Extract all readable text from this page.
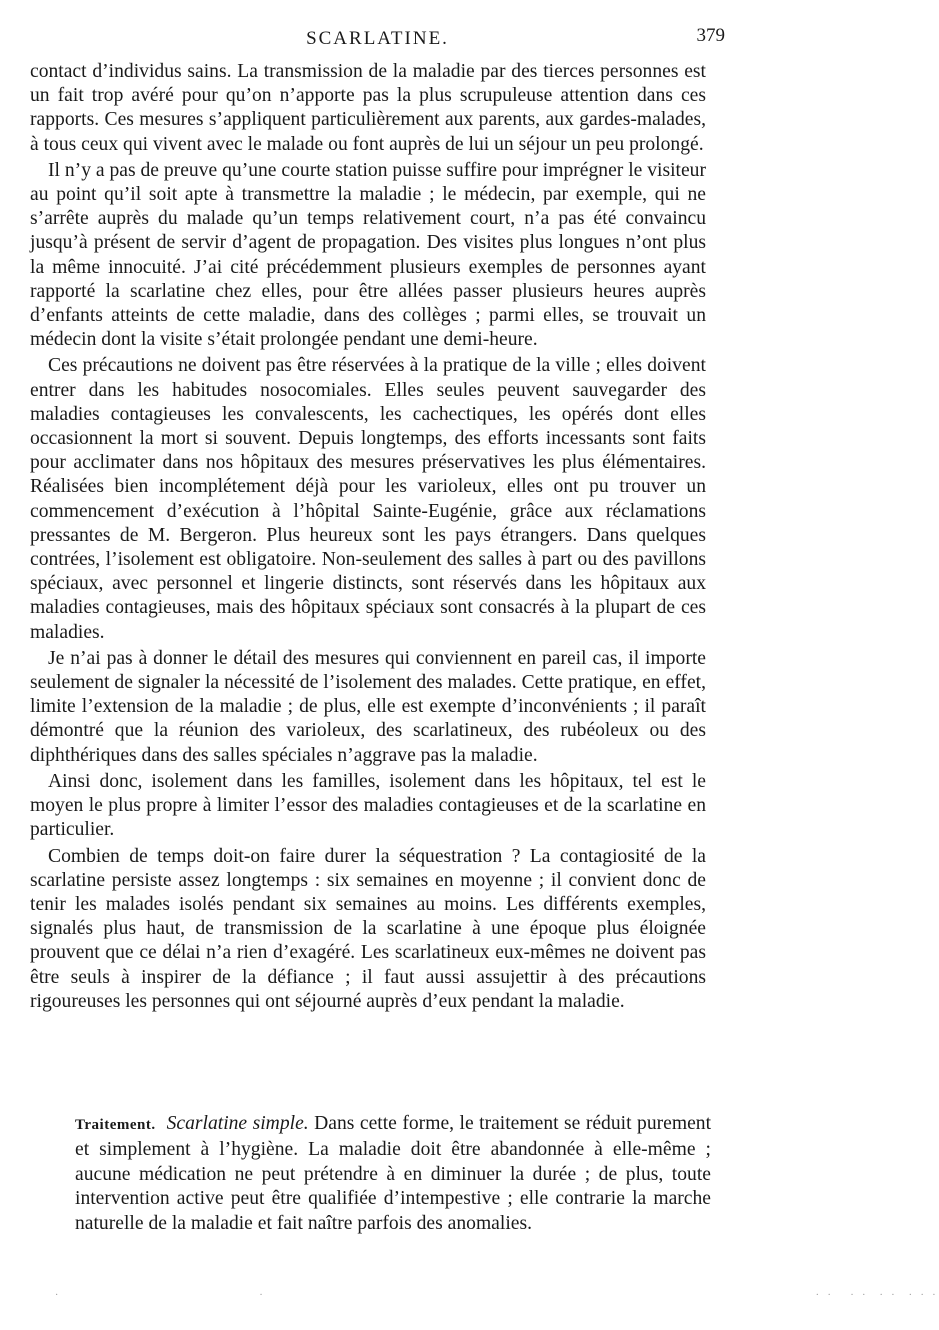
SCARLATINE.	379

contact d’individus sains. La transmission de la maladie par des tierces personnes est un fait trop avéré pour qu’on n’apporte pas la plus scrupuleuse attention dans ces rapports. Ces mesures s’appliquent particulièrement aux parents, aux gardes-malades, à tous ceux qui vivent avec le malade ou font auprès de lui un séjour un peu prolongé.

Il n’y a pas de preuve qu’une courte station puisse suffire pour imprégner le visiteur au point qu’il soit apte à transmettre la maladie ; le médecin, par exemple, qui ne s’arrête auprès du malade qu’un temps relativement court, n’a pas été convaincu jusqu’à présent de servir d’agent de propagation. Des visites plus longues n’ont plus la même innocuité. J’ai cité précédemment plusieurs exemples de personnes ayant rapporté la scarlatine chez elles, pour être allées passer plusieurs heures auprès d’enfants atteints de cette maladie, dans des collèges ; parmi elles, se trouvait un médecin dont la visite s’était prolongée pendant une demi-heure.

Ces précautions ne doivent pas être réservées à la pratique de la ville ; elles doivent entrer dans les habitudes nosocomiales. Elles seules peuvent sauvegarder des maladies contagieuses les convalescents, les cachectiques, les opérés dont elles occasionnent la mort si souvent. Depuis longtemps, des efforts incessants sont faits pour acclimater dans nos hôpitaux des mesures préservatives les plus élémentaires. Réalisées bien incomplétement déjà pour les varioleux, elles ont pu trouver un commencement d’exécution à l’hôpital Sainte-Eugénie, grâce aux réclamations pressantes de M. Bergeron. Plus heureux sont les pays étrangers. Dans quelques contrées, l’isolement est obligatoire. Non-seulement des salles à part ou des pavillons spéciaux, avec personnel et lingerie distincts, sont réservés dans les hôpitaux aux maladies contagieuses, mais des hôpitaux spéciaux sont consacrés à la plupart de ces maladies.

Je n’ai pas à donner le détail des mesures qui conviennent en pareil cas, il importe seulement de signaler la nécessité de l’isolement des malades. Cette pratique, en effet, limite l’extension de la maladie ; de plus, elle est exempte d’inconvénients ; il paraît démontré que la réunion des varioleux, des scarlatineux, des rubéoleux ou des diphthériques dans des salles spéciales n’aggrave pas la maladie.

Ainsi donc, isolement dans les familles, isolement dans les hôpitaux, tel est le moyen le plus propre à limiter l’essor des maladies contagieuses et de la scarlatine en particulier.

Combien de temps doit-on faire durer la séquestration ? La contagiosité de la scarlatine persiste assez longtemps : six semaines en moyenne ; il convient donc de tenir les malades isolés pendant six semaines au moins. Les différents exemples, signalés plus haut, de transmission de la scarlatine à une époque plus éloignée prouvent que ce délai n’a rien d’exagéré. Les scarlatineux eux-mêmes ne doivent pas être seuls à inspirer de la défiance ; il faut aussi assujettir à des précautions rigoureuses les personnes qui ont séjourné auprès d’eux pendant la maladie.

Traitement. Scarlatine simple. Dans cette forme, le traitement se réduit purement et simplement à l’hygiène. La maladie doit être abandonnée à elle-même ; aucune médication ne peut prétendre à en diminuer la durée ; de plus, toute intervention active peut être qualifiée d’intempestive ; elle contrarie la marche naturelle de la maladie et fait naître parfois des anomalies.

·                                    ·                                                                                                    · ·   · ·  · ·  · · ·
